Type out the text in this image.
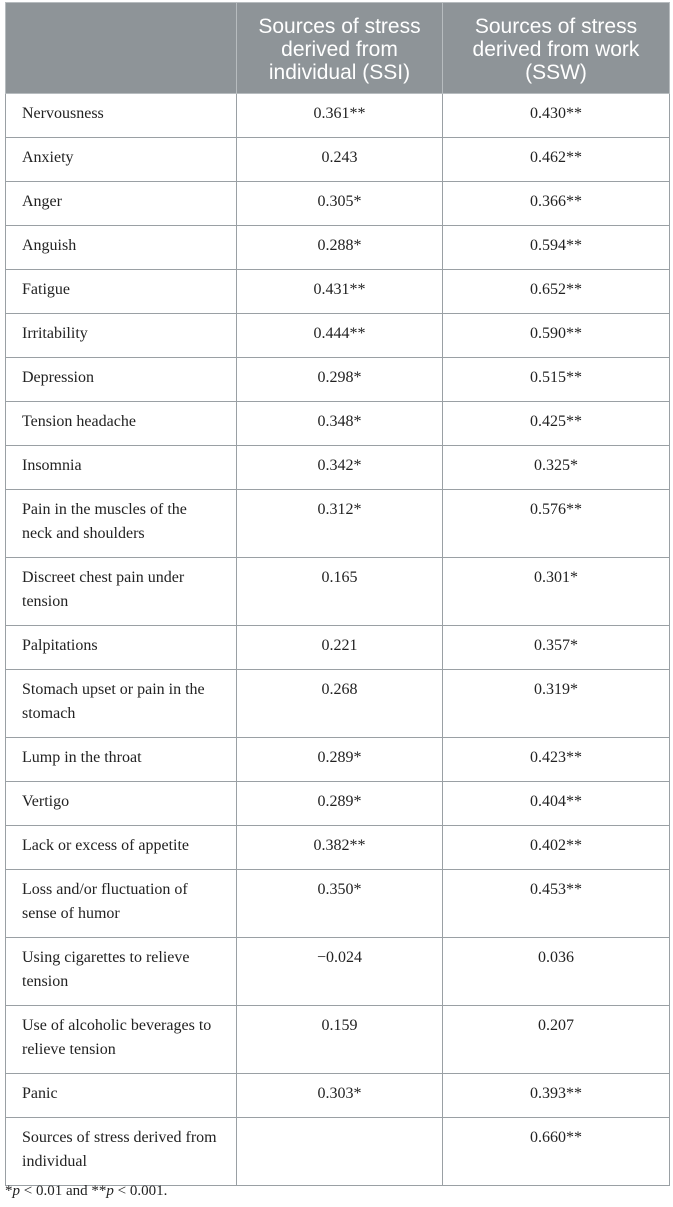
	Sources of stress derived from individual (SSI)	Sources of stress derived from work (SSW)
Nervousness	0.361**	0.430**
Anxiety	0.243	0.462**
Anger	0.305*	0.366**
Anguish	0.288*	0.594**
Fatigue	0.431**	0.652**
Irritability	0.444**	0.590**
Depression	0.298*	0.515**
Tension headache	0.348*	0.425**
Insomnia	0.342*	0.325*
Pain in the muscles of the neck and shoulders	0.312*	0.576**
Discreet chest pain under tension	0.165	0.301*
Palpitations	0.221	0.357*
Stomach upset or pain in the stomach	0.268	0.319*
Lump in the throat	0.289*	0.423**
Vertigo	0.289*	0.404**
Lack or excess of appetite	0.382**	0.402**
Loss and/or fluctuation of sense of humor	0.350*	0.453**
Using cigarettes to relieve tension	−0.024	0.036
Use of alcoholic beverages to relieve tension	0.159	0.207
Panic	0.303*	0.393**
Sources of stress derived from individual		0.660**
*p < 0.01 and **p < 0.001.
